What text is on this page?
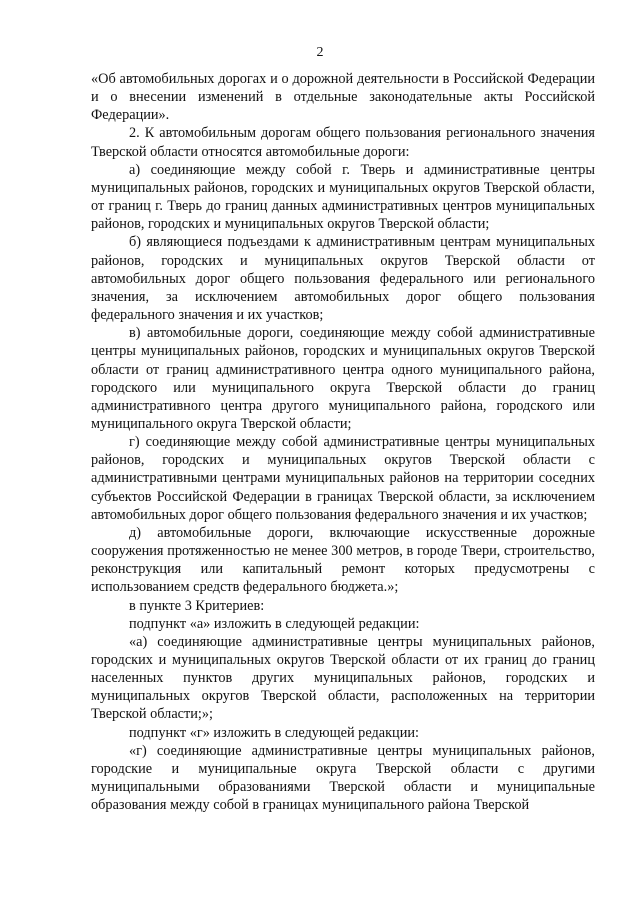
2

«Об автомобильных дорогах и о дорожной деятельности в Российской Федерации и о внесении изменений в отдельные законодательные акты Российской Федерации».

2. К автомобильным дорогам общего пользования регионального значения Тверской области относятся автомобильные дороги:

а) соединяющие между собой г. Тверь и административные центры муниципальных районов, городских и муниципальных округов Тверской области, от границ г. Тверь до границ данных административных центров муниципальных районов, городских и муниципальных округов Тверской области;

б) являющиеся подъездами к административным центрам муниципальных районов, городских и муниципальных округов Тверской области от автомобильных дорог общего пользования федерального или регионального значения, за исключением автомобильных дорог общего пользования федерального значения и их участков;

в) автомобильные дороги, соединяющие между собой административные центры муниципальных районов, городских и муниципальных округов Тверской области от границ административного центра одного муниципального района, городского или муниципального округа Тверской области до границ административного центра другого муниципального района, городского или муниципального округа Тверской области;

г) соединяющие между собой административные центры муниципальных районов, городских и муниципальных округов Тверской области с административными центрами муниципальных районов на территории соседних субъектов Российской Федерации в границах Тверской области, за исключением автомобильных дорог общего пользования федерального значения и их участков;

д) автомобильные дороги, включающие искусственные дорожные сооружения протяженностью не менее 300 метров, в городе Твери, строительство, реконструкция или капитальный ремонт которых предусмотрены с использованием средств федерального бюджета.»;

в пункте 3 Критериев:

подпункт «а» изложить в следующей редакции:

«а) соединяющие административные центры муниципальных районов, городских и муниципальных округов Тверской области от их границ до границ населенных пунктов других муниципальных районов, городских и муниципальных округов Тверской области, расположенных на территории Тверской области;»;

подпункт «г» изложить в следующей редакции:

«г) соединяющие административные центры муниципальных районов, городские и муниципальные округа Тверской области с другими муниципальными образованиями Тверской области и муниципальные образования между собой в границах муниципального района Тверской
